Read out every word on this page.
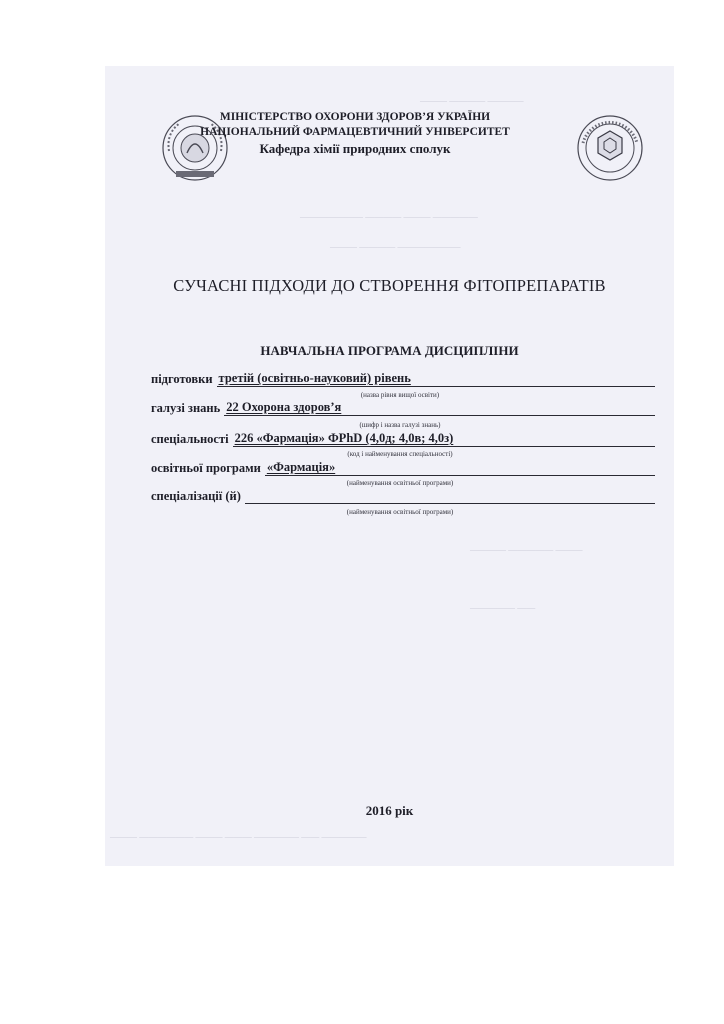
——— ———— ————
——————— ———— ——— —————
——— ———— ———————
———— ————— ———
————— ——
МІНІСТЕРСТВО ОХОРОНИ ЗДОРОВ’Я УКРАЇНИ
НАЦІОНАЛЬНИЙ ФАРМАЦЕВТИЧНИЙ УНІВЕРСИТЕТ
Кафедра хімії природних сполук
СУЧАСНІ ПІДХОДИ ДО СТВОРЕННЯ ФІТОПРЕПАРАТІВ
НАВЧАЛЬНА ПРОГРАМА ДИСЦИПЛІНИ
підготовки третій (освітньо-науковий) рівень
(назва рівня вищої освіти)
галузі знань 22 Охорона здоров’я
(шифр і назва галузі знань)
спеціальності 226 «Фармація» ФPhD (4,0д; 4,0в; 4,0з)
(код і найменування спеціальності)
освітньої програми «Фармація»
(найменування освітньої програми)
спеціалізації (й)
(найменування освітньої програми)
2016 рік
——— —————— ——— ——— ————— —— —————
